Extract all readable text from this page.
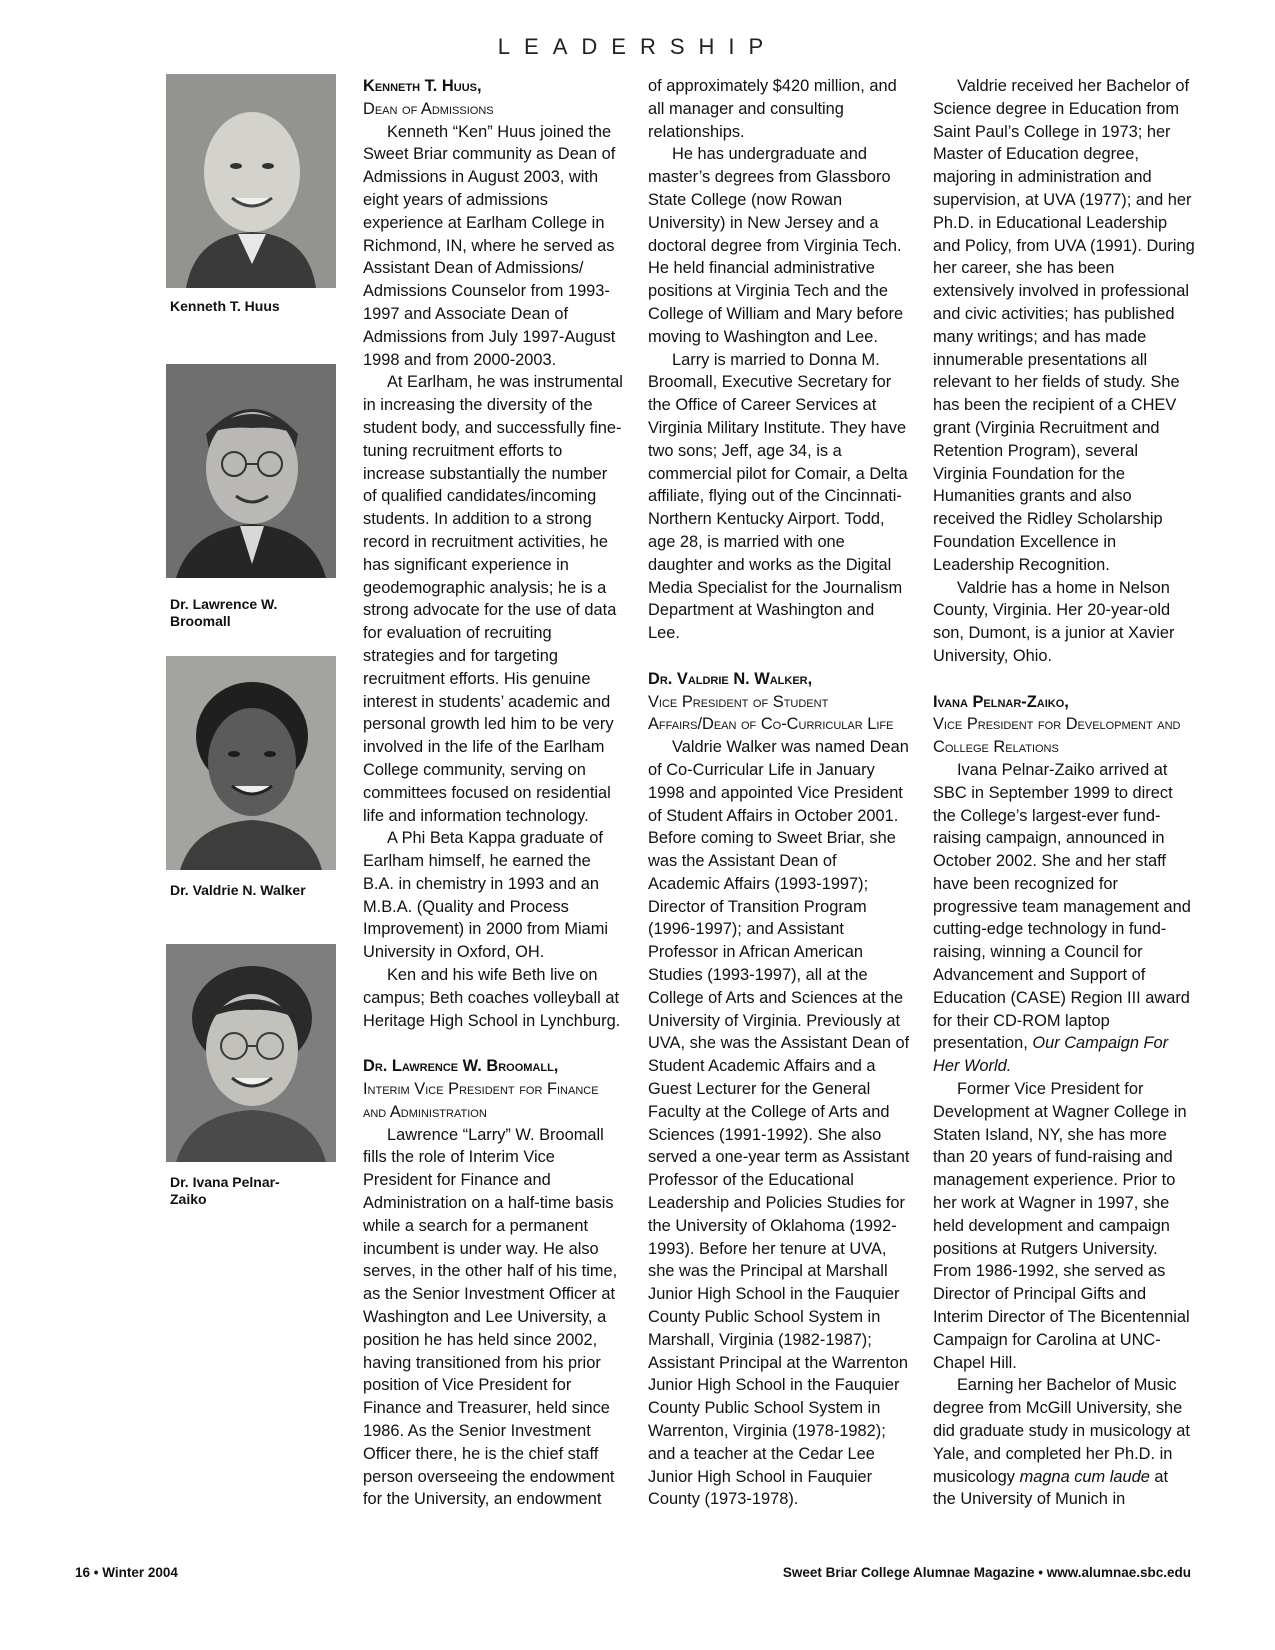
LEADERSHIP
Kenneth T. Huus
Dr. Lawrence W. Broomall
Dr. Valdrie N. Walker
Dr. Ivana Pelnar-Zaiko

Kenneth T. Huus,

Dean of Admissions

Kenneth “Ken” Huus joined the Sweet Briar community as Dean of Admissions in August 2003, with eight years of admissions experience at Earlham College in Richmond, IN, where he served as Assistant Dean of Admissions/ Admissions Counselor from 1993-1997 and Associate Dean of Admissions from July 1997-August 1998 and from 2000-2003.

At Earlham, he was instrumental in increasing the diversity of the student body, and successfully fine-tuning recruitment efforts to increase substantially the number of qualified candidates/incoming students. In addition to a strong record in recruitment activities, he has significant experience in geodemographic analysis; he is a strong advocate for the use of data for evaluation of recruiting strategies and for targeting recruitment efforts. His genuine interest in students’ academic and personal growth led him to be very involved in the life of the Earlham College community, serving on committees focused on residential life and information technology.

A Phi Beta Kappa graduate of Earlham himself, he earned the B.A. in chemistry in 1993 and an M.B.A. (Quality and Process Improvement) in 2000 from Miami University in Oxford, OH.

Ken and his wife Beth live on campus; Beth coaches volleyball at Heritage High School in Lynchburg.

Dr. Lawrence W. Broomall,

Interim Vice President for Finance and Administration

Lawrence “Larry” W. Broomall fills the role of Interim Vice President for Finance and Administration on a half-time basis while a search for a permanent incumbent is under way. He also serves, in the other half of his time, as the Senior Investment Officer at Washington and Lee University, a position he has held since 2002, having transitioned from his prior position of Vice President for Finance and Treasurer, held since 1986. As the Senior Investment Officer there, he is the chief staff person overseeing the endowment for the University, an endowment

of approximately $420 million, and all manager and consulting relationships.

He has undergraduate and master’s degrees from Glassboro State College (now Rowan University) in New Jersey and a doctoral degree from Virginia Tech. He held financial administrative positions at Virginia Tech and the College of William and Mary before moving to Washington and Lee.

Larry is married to Donna M. Broomall, Executive Secretary for the Office of Career Services at Virginia Military Institute. They have two sons; Jeff, age 34, is a commercial pilot for Comair, a Delta affiliate, flying out of the Cincinnati-Northern Kentucky Airport. Todd, age 28, is married with one daughter and works as the Digital Media Specialist for the Journalism Department at Washington and Lee.

Dr. Valdrie N. Walker,

Vice President of Student Affairs/Dean of Co-Curricular Life

Valdrie Walker was named Dean of Co-Curricular Life in January 1998 and appointed Vice President of Student Affairs in October 2001. Before coming to Sweet Briar, she was the Assistant Dean of Academic Affairs (1993-1997); Director of Transition Program (1996-1997); and Assistant Professor in African American Studies (1993-1997), all at the College of Arts and Sciences at the University of Virginia. Previously at UVA, she was the Assistant Dean of Student Academic Affairs and a Guest Lecturer for the General Faculty at the College of Arts and Sciences (1991-1992). She also served a one-year term as Assistant Professor of the Educational Leadership and Policies Studies for the University of Oklahoma (1992-1993). Before her tenure at UVA, she was the Principal at Marshall Junior High School in the Fauquier County Public School System in Marshall, Virginia (1982-1987); Assistant Principal at the Warrenton Junior High School in the Fauquier County Public School System in Warrenton, Virginia (1978-1982); and a teacher at the Cedar Lee Junior High School in Fauquier County (1973-1978).

Valdrie received her Bachelor of Science degree in Education from Saint Paul’s College in 1973; her Master of Education degree, majoring in administration and supervision, at UVA (1977); and her Ph.D. in Educational Leadership and Policy, from UVA (1991). During her career, she has been extensively involved in professional and civic activities; has published many writings; and has made innumerable presentations all relevant to her fields of study. She has been the recipient of a CHEV grant (Virginia Recruitment and Retention Program), several Virginia Foundation for the Humanities grants and also received the Ridley Scholarship Foundation Excellence in Leadership Recognition.

Valdrie has a home in Nelson County, Virginia. Her 20-year-old son, Dumont, is a junior at Xavier University, Ohio.

Ivana Pelnar-Zaiko,

Vice President for Development and College Relations

Ivana Pelnar-Zaiko arrived at SBC in September 1999 to direct the College’s largest-ever fund-raising campaign, announced in October 2002. She and her staff have been recognized for progressive team management and cutting-edge technology in fund-raising, winning a Council for Advancement and Support of Education (CASE) Region III award for their CD-ROM laptop presentation, Our Campaign For Her World.

Former Vice President for Development at Wagner College in Staten Island, NY, she has more than 20 years of fund-raising and management experience. Prior to her work at Wagner in 1997, she held development and campaign positions at Rutgers University. From 1986-1992, she served as Director of Principal Gifts and Interim Director of The Bicentennial Campaign for Carolina at UNC-Chapel Hill.

Earning her Bachelor of Music degree from McGill University, she did graduate study in musicology at Yale, and completed her Ph.D. in musicology magna cum laude at the University of Munich in

16 • Winter 2004	Sweet Briar College Alumnae Magazine • www.alumnae.sbc.edu
